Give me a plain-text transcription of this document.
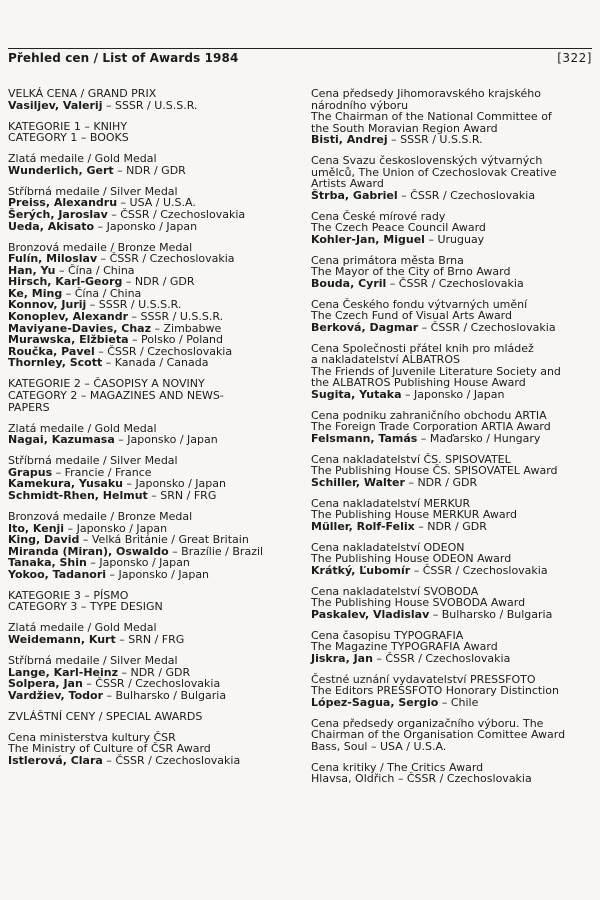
Přehled cen / List of Awards 1984	[322]
VELKÁ CENA / GRAND PRIX
Vasiljev, Valerij – SSSR / U.S.S.R.
KATEGORIE 1 – KNIHY
CATEGORY 1 – BOOKS
Zlatá medaile / Gold Medal
Wunderlich, Gert – NDR / GDR
Stříbrná medaile / Silver Medal
Preiss, Alexandru – USA / U.S.A.
Šerých, Jaroslav – ČSSR / Czechoslovakia
Ueda, Akisato – Japonsko / Japan
Bronzová medaile / Bronze Medal
Fulín, Miloslav – ČSSR / Czechoslovakia
Han, Yu – Čína / China
Hirsch, Karl-Georg – NDR / GDR
Ke, Ming – Čína / China
Konnov, Jurij – SSSR / U.S.S.R.
Konoplev, Alexandr – SSSR / U.S.S.R.
Maviyane-Davies, Chaz – Zimbabwe
Murawska, Elžbieta – Polsko / Poland
Roučka, Pavel – ČSSR / Czechoslovakia
Thornley, Scott – Kanada / Canada
KATEGORIE 2 – ČASOPISY A NOVINY
CATEGORY 2 – MAGAZINES AND NEWS-
PAPERS
Zlatá medaile / Gold Medal
Nagai, Kazumasa – Japonsko / Japan
Stříbrná medaile / Silver Medal
Grapus – Francie / France
Kamekura, Yusaku – Japonsko / Japan
Schmidt-Rhen, Helmut – SRN / FRG
Bronzová medaile / Bronze Medal
Ito, Kenji – Japonsko / Japan
King, David – Velká Británie / Great Britain
Miranda (Miran), Oswaldo – Brazílie / Brazil
Tanaka, Shin – Japonsko / Japan
Yokoo, Tadanori – Japonsko / Japan
KATEGORIE 3 – PÍSMO
CATEGORY 3 – TYPE DESIGN
Zlatá medaile / Gold Medal
Weidemann, Kurt – SRN / FRG
Stříbrná medaile / Silver Medal
Lange, Karl-Heinz – NDR / GDR
Solpera, Jan – ČSSR / Czechoslovakia
Vardžiev, Todor – Bulharsko / Bulgaria
ZVLÁŠTNÍ CENY / SPECIAL AWARDS
Cena ministerstva kultury ČSR
The Ministry of Culture of ČSR Award
Istlerová, Clara – ČSSR / Czechoslovakia
Cena předsedy Jihomoravského krajského
národního výboru
The Chairman of the National Committee of
the South Moravian Region Award
Bisti, Andrej – SSSR / U.S.S.R.
Cena Svazu československých výtvarných
umělců, The Union of Czechoslovak Creative
Artists Award
Štrba, Gabriel – ČSSR / Czechoslovakia
Cena České mírové rady
The Czech Peace Council Award
Kohler-Jan, Miguel – Uruguay
Cena primátora města Brna
The Mayor of the City of Brno Award
Bouda, Cyril – ČSSR / Czechoslovakia
Cena Českého fondu výtvarných umění
The Czech Fund of Visual Arts Award
Berková, Dagmar – ČSSR / Czechoslovakia
Cena Společnosti přátel knih pro mládež
a nakladatelství ALBATROS
The Friends of Juvenile Literature Society and
the ALBATROS Publishing House Award
Sugita, Yutaka – Japonsko / Japan
Cena podniku zahraničního obchodu ARTIA
The Foreign Trade Corporation ARTIA Award
Felsmann, Tamás – Maďarsko / Hungary
Cena nakladatelství ČS. SPISOVATEL
The Publishing House ČS. SPISOVATEL Award
Schiller, Walter – NDR / GDR
Cena nakladatelství MERKUR
The Publishing House MERKUR Award
Müller, Rolf-Felix – NDR / GDR
Cena nakladatelství ODEON
The Publishing House ODEON Award
Krátký, Ľubomír – ČSSR / Czechoslovakia
Cena nakladatelství SVOBODA
The Publishing House SVOBODA Award
Paskalev, Vladislav – Bulharsko / Bulgaria
Cena časopisu TYPOGRAFIA
The Magazine TYPOGRAFIA Award
Jiskra, Jan – ČSSR / Czechoslovakia
Čestné uznání vydavatelství PRESSFOTO
The Editors PRESSFOTO Honorary Distinction
López-Sagua, Sergio – Chile
Cena předsedy organizačního výboru. The
Chairman of the Organisation Comittee Award
Bass, Soul – USA / U.S.A.
Cena kritiky / The Critics Award
Hlavsa, Oldřich – ČSSR / Czechoslovakia
